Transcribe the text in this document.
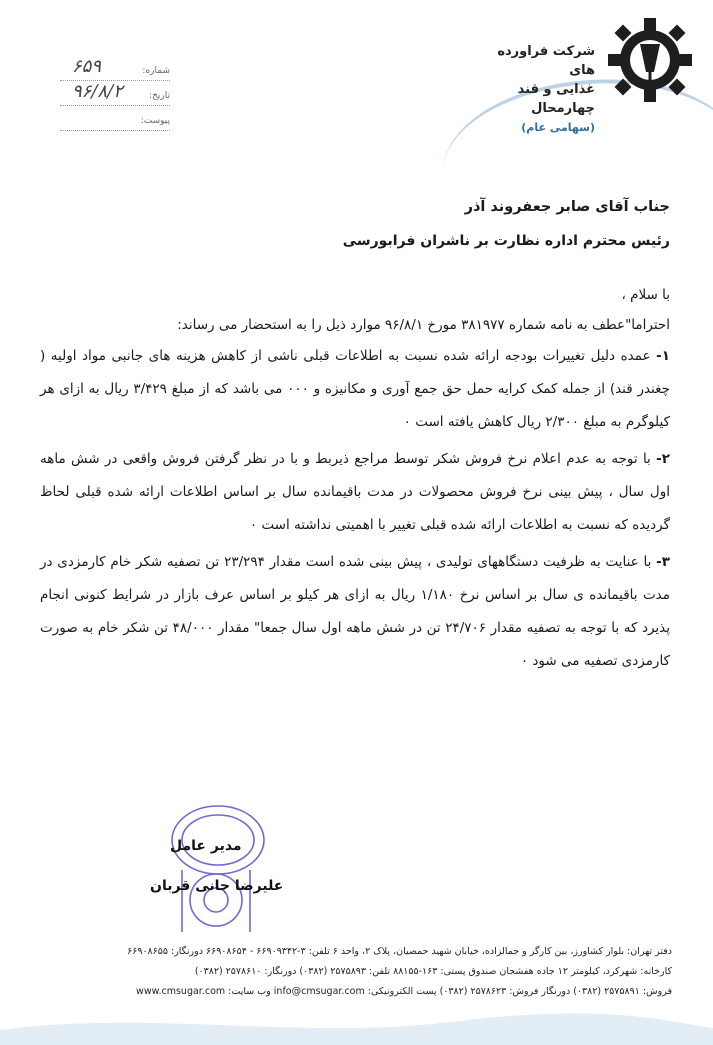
شرکت فراورده های
غذایی و قند
چهارمحال
(سهامی عام)
شماره:
۶۵۹
تاریخ:
۹۶/۸/۲
پیوست:
جناب آقای صابر جعفروند آذر
رئیس محترم اداره نظارت بر ناشران فرابورسی
با سلام ،
احتراما"عطف به نامه شماره ۳۸۱۹۷۷ مورخ ۹۶/۸/۱ موارد ذیل را به استحضار می رساند:
۱- عمده دلیل تغییرات بودجه ارائه شده نسبت به اطلاعات قبلی ناشی از کاهش هزینه های جانبی مواد اولیه ( چغندر قند) از جمله کمک کرایه حمل حق جمع آوری و مکانیزه و ۰۰۰ می باشد که از مبلغ ۳/۴۲۹ ریال به ازای هر کیلوگرم به مبلغ ۲/۳۰۰ ریال کاهش یافته است ۰
۲- با توجه به عدم اعلام نرخ فروش شکر توسط مراجع ذیربط و با در نظر گرفتن فروش واقعی در شش ماهه اول سال ، پیش بینی نرخ فروش محصولات در مدت باقیمانده سال بر اساس اطلاعات ارائه شده قبلی لحاظ گردیده که نسبت به اطلاعات ارائه شده قبلی تغییر با اهمیتی نداشته است ۰
۳- با عنایت به ظرفیت دستگاههای تولیدی ، پیش بینی شده است مقدار ۲۳/۲۹۴ تن تصفیه شکر خام کارمزدی در مدت باقیمانده ی سال بر اساس نرخ ۱/۱۸۰ ریال به ازای هر کیلو بر اساس عرف بازار در شرایط کنونی انجام پذیرد که با توجه به تصفیه مقدار ۲۴/۷۰۶ تن در شش ماهه اول سال جمعا" مقدار ۴۸/۰۰۰ تن شکر خام به صورت کارمزدی تصفیه می شود ۰
مدیر عامل
علیرضا جانی قربان
دفتر تهران: بلوار کشاورز، بین کارگر و جمالزاده، خیابان شهید حمصیان، پلاک ۲، واحد ۶ تلفن: ۳-۶۶۹۰۹۳۴۲ - ۶۶۹۰۸۶۵۴ دورنگار: ۶۶۹۰۸۶۵۵
کارخانه: شهرکرد، کیلومتر ۱۲ جاده هفشجان صندوق پستی: ۱۶۳-۸۸۱۵۵ تلفن: ۲۵۷۵۸۹۳ (۰۳۸۲) دورنگار: ۲۵۷۸۶۱۰ (۰۳۸۲)
فروش: ۲۵۷۵۸۹۱ (۰۳۸۲) دورنگار فروش: ۲۵۷۸۶۲۳ (۰۳۸۲) پست الکترونیکی: info@cmsugar.com وب سایت: www.cmsugar.com
